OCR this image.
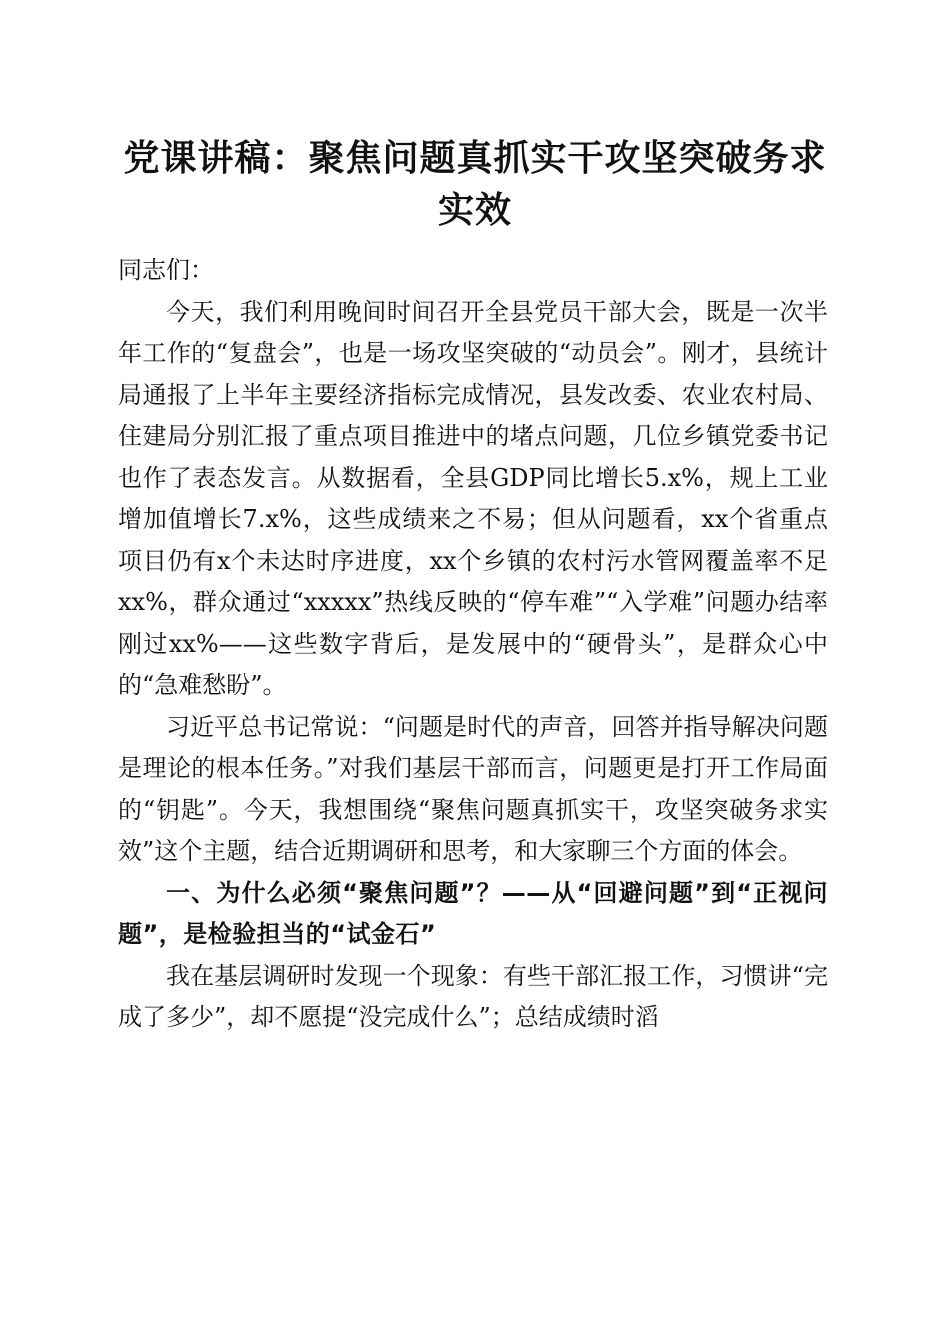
党课讲稿：聚焦问题真抓实干攻坚突破务求实效

同志们：

今天，我们利用晚间时间召开全县党员干部大会，既是一次半年工作的“复盘会”，也是一场攻坚突破的“动员会”。刚才，县统计局通报了上半年主要经济指标完成情况，县发改委、农业农村局、住建局分别汇报了重点项目推进中的堵点问题，几位乡镇党委书记也作了表态发言。从数据看，全县GDP同比增长5.x%，规上工业增加值增长7.x%，这些成绩来之不易；但从问题看，xx个省重点项目仍有x个未达时序进度，xx个乡镇的农村污水管网覆盖率不足xx%，群众通过“xxxxx”热线反映的“停车难”“入学难”问题办结率刚过xx%——这些数字背后，是发展中的“硬骨头”，是群众心中的“急难愁盼”。

习近平总书记常说：“问题是时代的声音，回答并指导解决问题是理论的根本任务。”对我们基层干部而言，问题更是打开工作局面的“钥匙”。今天，我想围绕“聚焦问题真抓实干，攻坚突破务求实效”这个主题，结合近期调研和思考，和大家聊三个方面的体会。

一、为什么必须“聚焦问题”？——从“回避问题”到“正视问题”，是检验担当的“试金石”

我在基层调研时发现一个现象：有些干部汇报工作，习惯讲“完成了多少”，却不愿提“没完成什么”；总结成绩时滔
